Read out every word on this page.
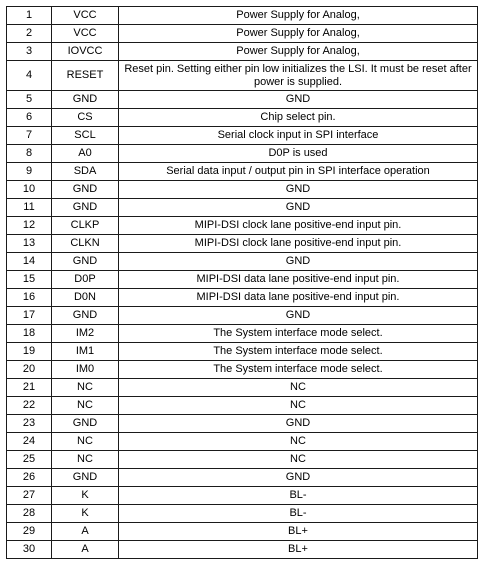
1	VCC	Power Supply for Analog,
2	VCC	Power Supply for Analog,
3	IOVCC	Power Supply for Analog,
4	RESET	Reset pin. Setting either pin low initializes the LSI. It must be reset after power is supplied.
5	GND	GND
6	CS	Chip select pin.
7	SCL	Serial clock input in SPI interface
8	A0	D0P is used
9	SDA	Serial data input / output pin in SPI interface operation
10	GND	GND
11	GND	GND
12	CLKP	MIPI-DSI clock lane positive-end input pin.
13	CLKN	MIPI-DSI clock lane positive-end input pin.
14	GND	GND
15	D0P	MIPI-DSI data lane positive-end input pin.
16	D0N	MIPI-DSI data lane positive-end input pin.
17	GND	GND
18	IM2	The System interface mode select.
19	IM1	The System interface mode select.
20	IM0	The System interface mode select.
21	NC	NC
22	NC	NC
23	GND	GND
24	NC	NC
25	NC	NC
26	GND	GND
27	K	BL-
28	K	BL-
29	A	BL+
30	A	BL+
